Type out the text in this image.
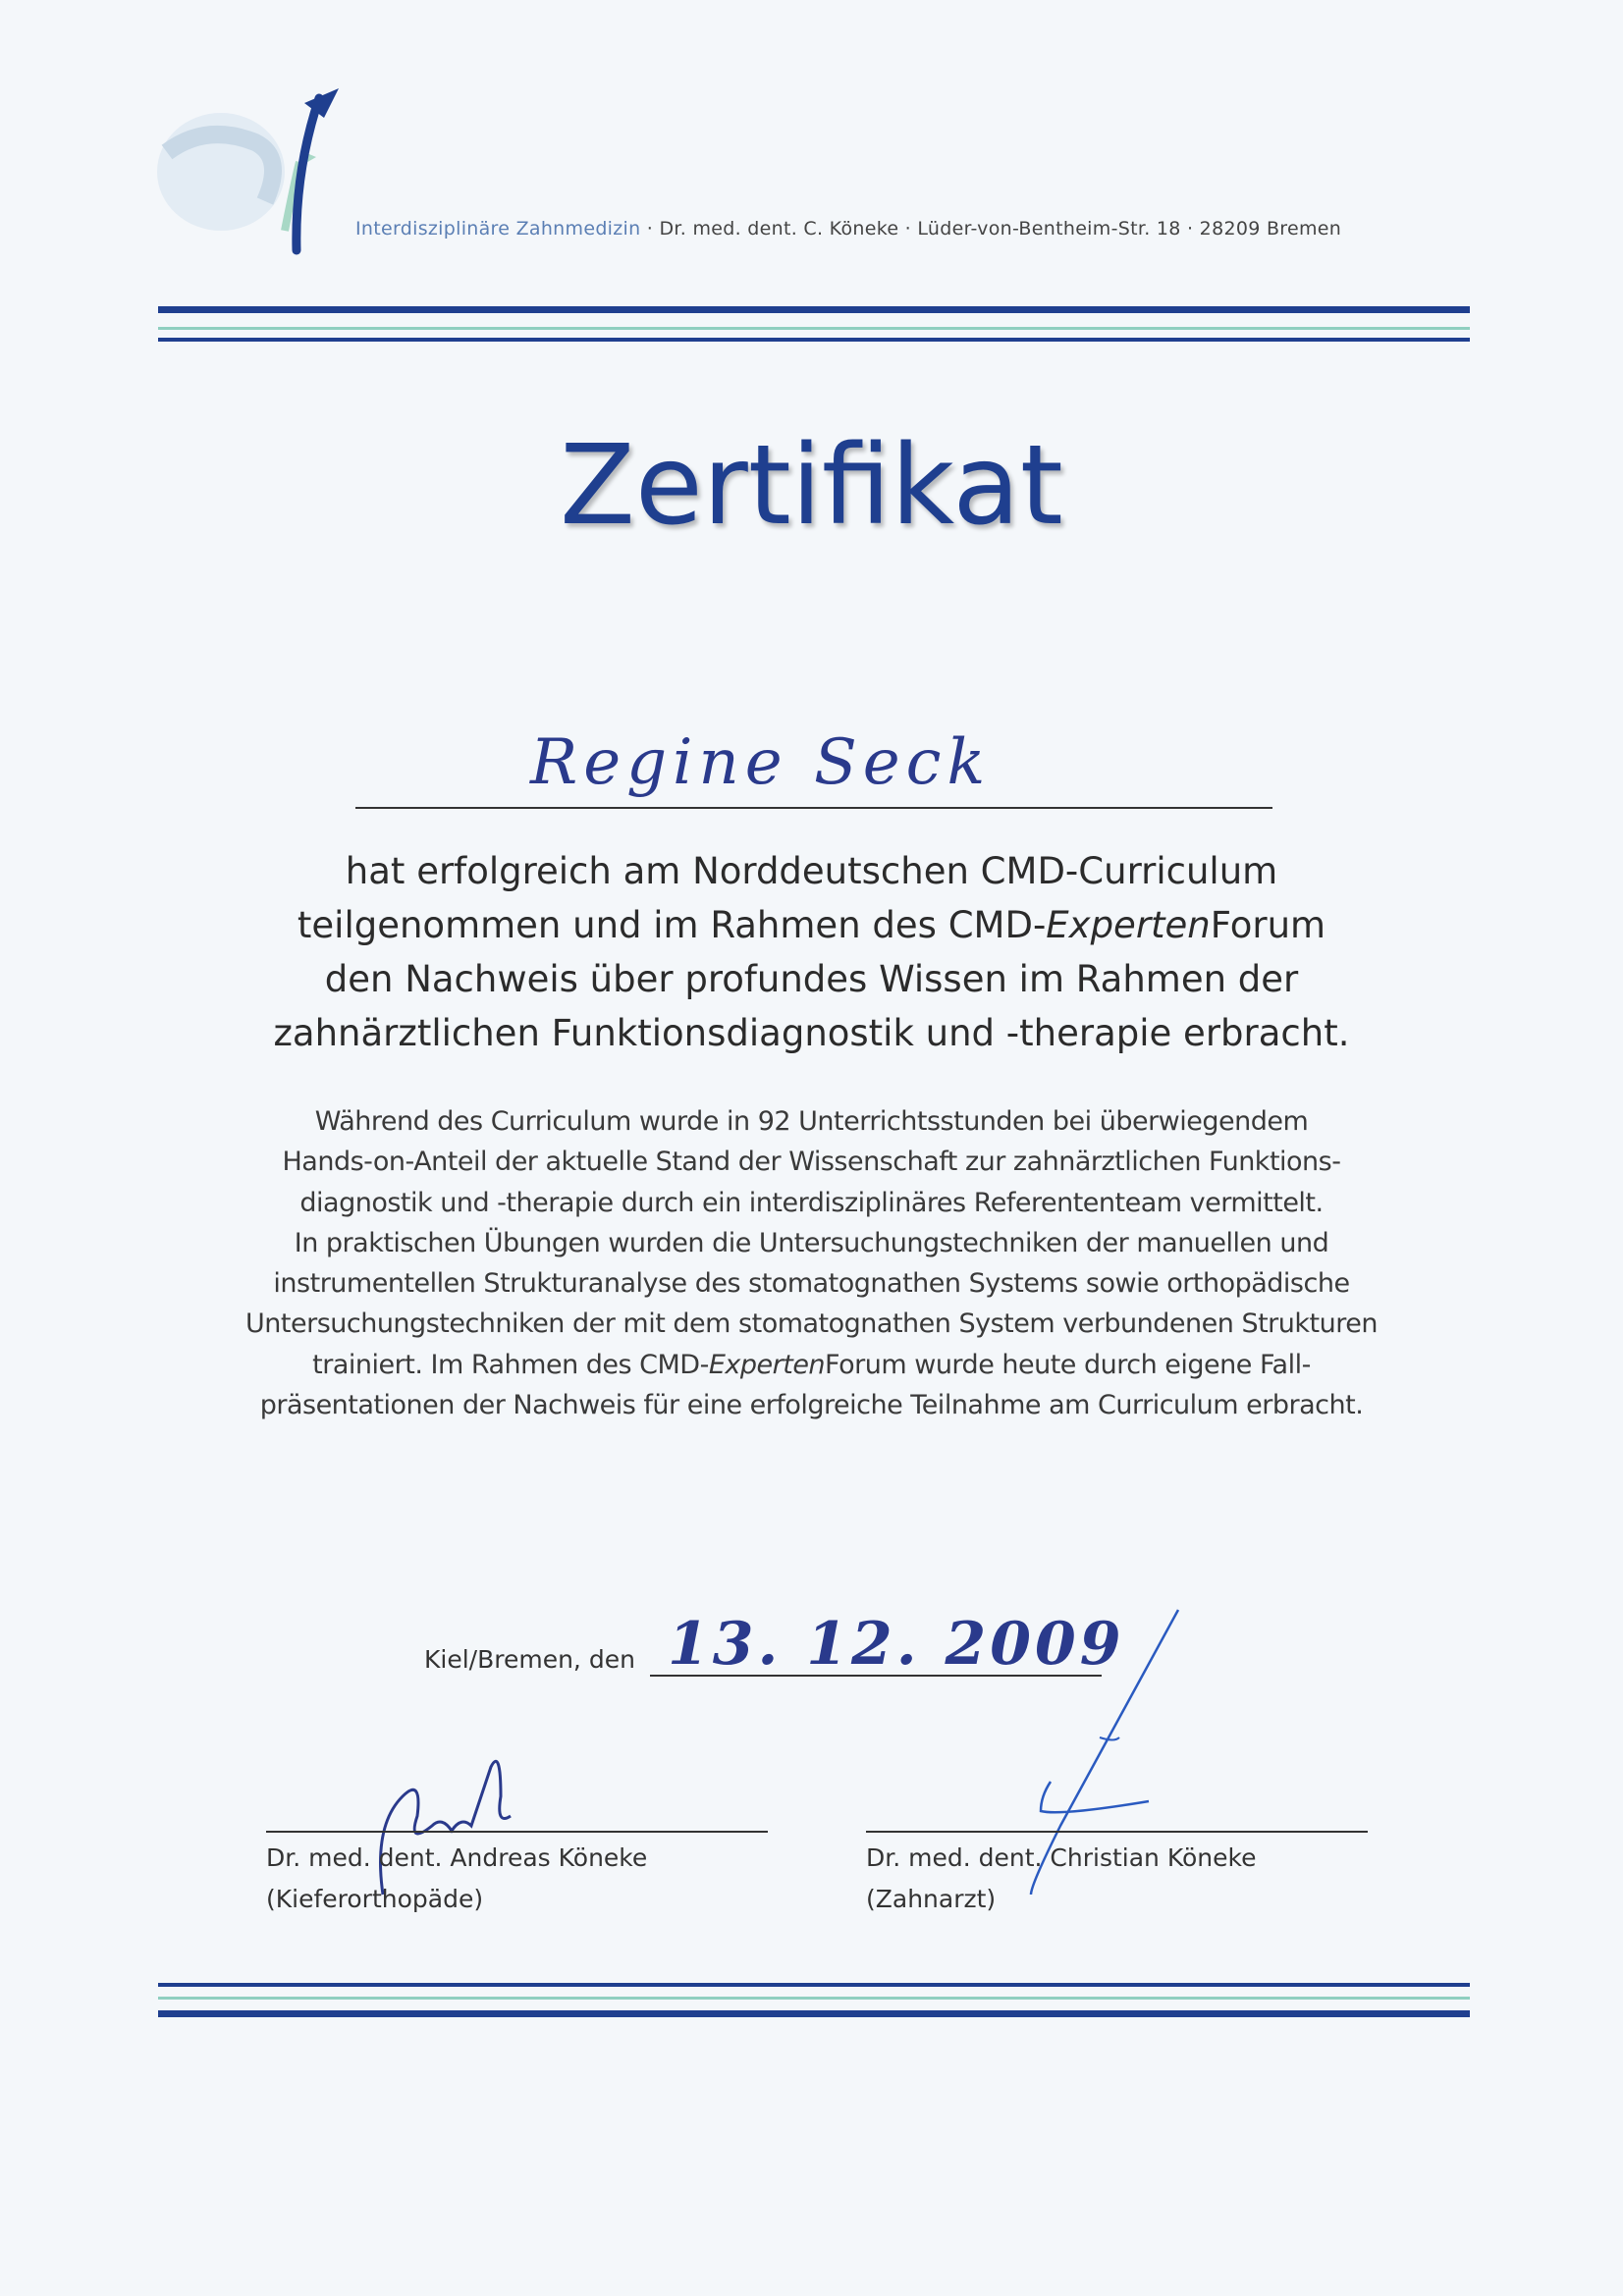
Interdisziplinäre Zahnmedizin · Dr. med. dent. C. Köneke · Lüder-von-Bentheim-Str. 18 · 28209 Bremen
Zertifikat
Regine Seck
hat erfolgreich am Norddeutschen CMD-Curriculum
teilgenommen und im Rahmen des CMD-ExpertenForum
den Nachweis über profundes Wissen im Rahmen der
zahnärztlichen Funktionsdiagnostik und -therapie erbracht.
Während des Curriculum wurde in 92 Unterrichtsstunden bei überwiegendem
Hands-on-Anteil der aktuelle Stand der Wissenschaft zur zahnärztlichen Funktions-
diagnostik und -therapie durch ein interdisziplinäres Referententeam vermittelt.
In praktischen Übungen wurden die Untersuchungstechniken der manuellen und
instrumentellen Strukturanalyse des stomatognathen Systems sowie orthopädische
Untersuchungstechniken der mit dem stomatognathen System verbundenen Strukturen
trainiert. Im Rahmen des CMD-ExpertenForum wurde heute durch eigene Fall-
präsentationen der Nachweis für eine erfolgreiche Teilnahme am Curriculum erbracht.
Kiel/Bremen, den 13. 12. 2009
Dr. med. dent. Andreas Köneke
(Kieferorthopäde)
Dr. med. dent. Christian Köneke
(Zahnarzt)
